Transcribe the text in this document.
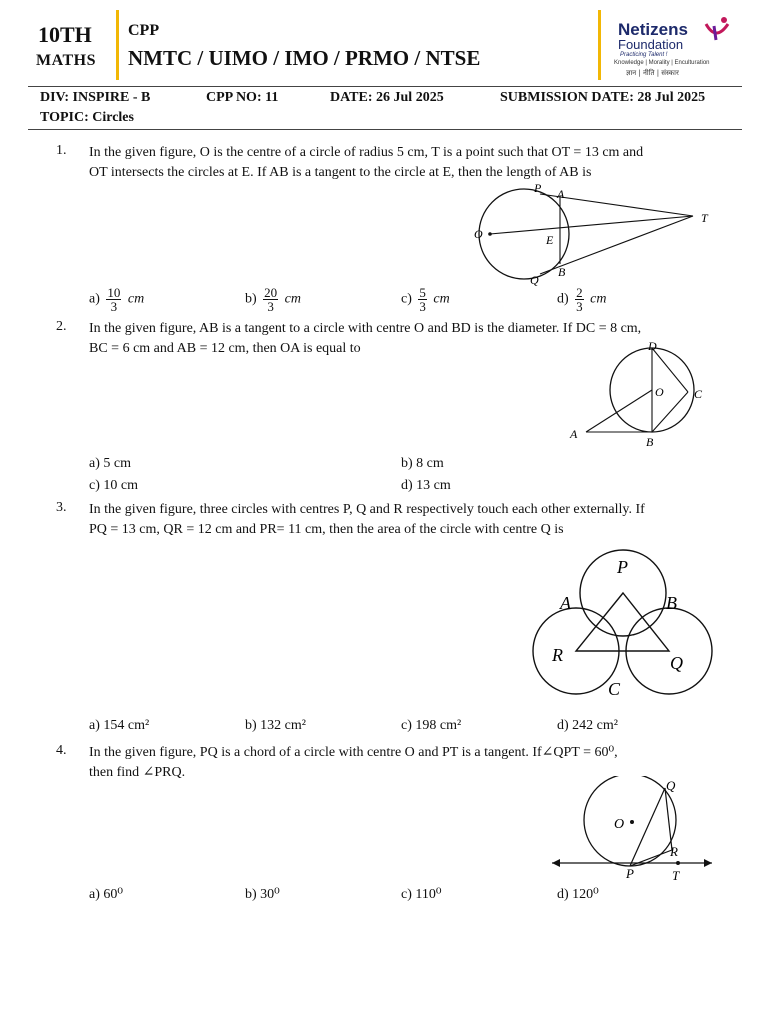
10TH
MATHS
CPP
NMTC / UIMO / IMO / PRMO / NTSE
Netizens
Foundation
Practicing Talent !
Knowledge | Morality | Enculturation
ज्ञान | नीति | संस्कार
DIV: INSPIRE - B	CPP NO: 11	DATE: 26 Jul 2025	SUBMISSION DATE: 28 Jul 2025
TOPIC: Circles
1. In the given figure, O is the centre of a circle of radius 5 cm, T is a point such that OT = 13 cm and
OT intersects the circles at E. If AB is a tangent to the circle at E, then the length of AB is
P A
O	E
T
Q
B
$a) \frac{10}{3}$ cm	$b) \frac{20}{3}$ cm	$c) \frac{5}{3}$ cm	$d) \frac{2}{3}$ cm
2. In the given figure, AB is a tangent to a circle with centre O and BD is the diameter. If DC = 8 cm,
BC = 6 cm and AB = 12 cm, then OA is equal to	D
O	C
A
B
a) 5 cm	b) 8 cm
c) 10 cm	d) 13 cm
3. In the given figure, three circles with centres P, Q and R respectively touch each other externally. If
PQ = 13 cm, QR = 12 cm and PR= 11 cm, then the area of the circle with centre Q is
P
A	B
R	Q
C
a) 154 cm²	b) 132 cm²	c) 198 cm²	d) 242 cm²
4. In the given figure, PQ is a chord of a circle with centre O and PT is a tangent. If∠QPT = 60⁰,
then find ∠PRQ.
Q
O
R
P	T
a) 60⁰	b) 30⁰	c) 110⁰	d) 120⁰
